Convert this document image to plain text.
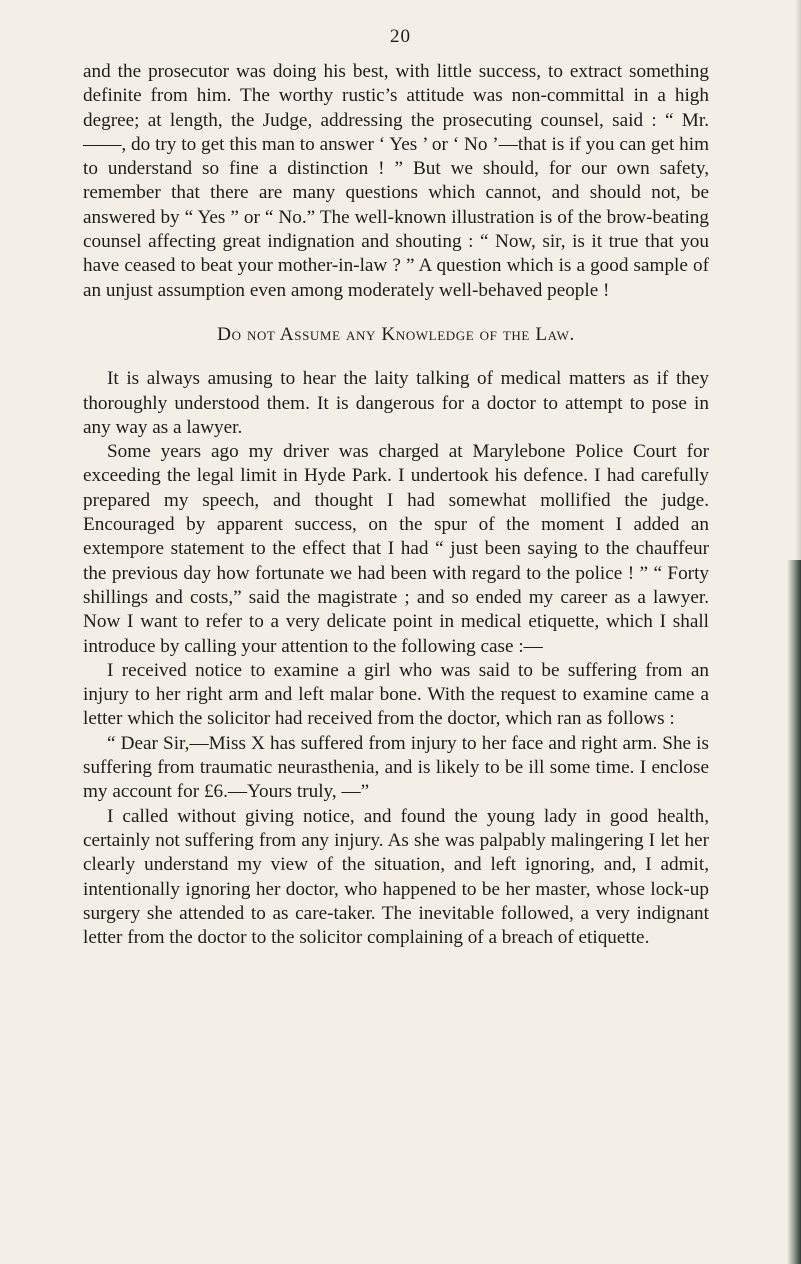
20

and the prosecutor was doing his best, with little success, to extract something definite from him. The worthy rustic’s attitude was non-committal in a high degree; at length, the Judge, addressing the prosecuting counsel, said : “ Mr. ——, do try to get this man to answer ‘ Yes ’ or ‘ No ’—that is if you can get him to understand so fine a distinction ! ” But we should, for our own safety, remember that there are many questions which cannot, and should not, be answered by “ Yes ” or “ No.” The well-known illustration is of the brow-beating counsel affecting great indignation and shouting : “ Now, sir, is it true that you have ceased to beat your mother-in-law ? ” A question which is a good sample of an unjust assumption even among moderately well-behaved people !

Do not Assume any Knowledge of the Law.

It is always amusing to hear the laity talking of medical matters as if they thoroughly understood them. It is dangerous for a doctor to attempt to pose in any way as a lawyer.

Some years ago my driver was charged at Marylebone Police Court for exceeding the legal limit in Hyde Park. I undertook his defence. I had carefully prepared my speech, and thought I had somewhat mollified the judge. Encouraged by apparent success, on the spur of the moment I added an extempore statement to the effect that I had “ just been saying to the chauffeur the previous day how fortunate we had been with regard to the police ! ” “ Forty shillings and costs,” said the magistrate ; and so ended my career as a lawyer. Now I want to refer to a very delicate point in medical etiquette, which I shall introduce by calling your attention to the following case :—

I received notice to examine a girl who was said to be suffering from an injury to her right arm and left malar bone. With the request to examine came a letter which the solicitor had received from the doctor, which ran as follows :

“ Dear Sir,—Miss X has suffered from injury to her face and right arm. She is suffering from traumatic neurasthenia, and is likely to be ill some time. I enclose my account for £6.—Yours truly, —”

I called without giving notice, and found the young lady in good health, certainly not suffering from any injury. As she was palpably malingering I let her clearly understand my view of the situation, and left ignoring, and, I admit, intentionally ignoring her doctor, who happened to be her master, whose lock-up surgery she attended to as care-taker. The inevitable followed, a very indignant letter from the doctor to the solicitor complaining of a breach of etiquette.
